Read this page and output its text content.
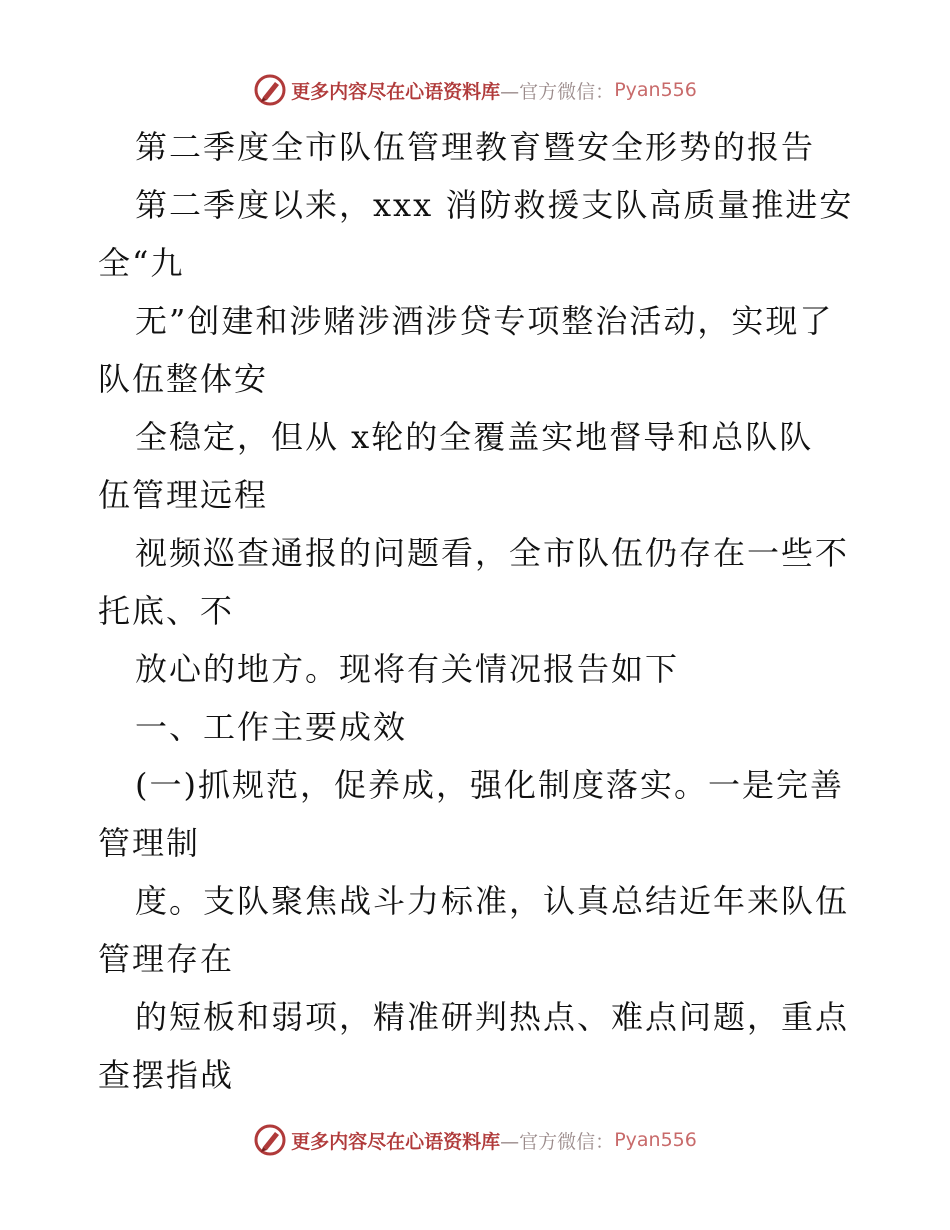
更多内容尽在心语资料库 —官方微信： Pyan556
第二季度全市队伍管理教育暨安全形势的报告
第二季度以来，xxx 消防救援支队高质量推进安
全“九
无”创建和涉赌涉酒涉贷专项整治活动，实现了
队伍整体安
全稳定，但从 x轮的全覆盖实地督导和总队队
伍管理远程
视频巡查通报的问题看，全市队伍仍存在一些不
托底、不
放心的地方。现将有关情况报告如下
一、工作主要成效
(一)抓规范，促养成，强化制度落实。一是完善
管理制
度。支队聚焦战斗力标准，认真总结近年来队伍
管理存在
的短板和弱项，精准研判热点、难点问题，重点
查摆指战
更多内容尽在心语资料库 —官方微信： Pyan556
